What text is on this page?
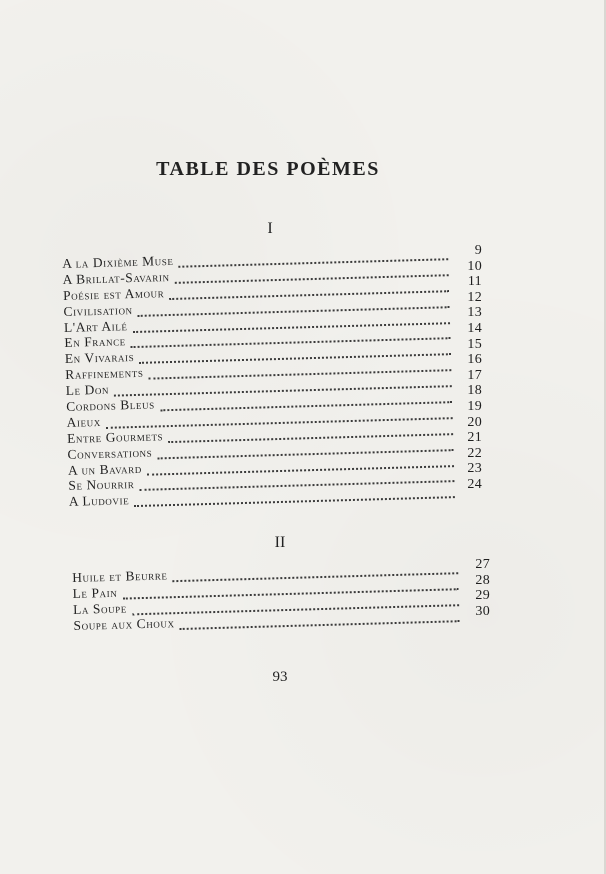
TABLE DES POÈMES
I
A la Dixième Muse
A Brillat-Savarin
Poésie est Amour
Civilisation
L'Art Ailé
En France
En Vivarais
Raffinements
Le Don
Cordons Bleus
Aieux
Entre Gourmets
Conversations
A un Bavard
Se Nourrir
A Ludovie
9
10
11
12
13
14
15
16
17
18
19
20
21
22
23
24
II
Huile et Beurre
Le Pain
La Soupe
Soupe aux Choux
27
28
29
30
93
